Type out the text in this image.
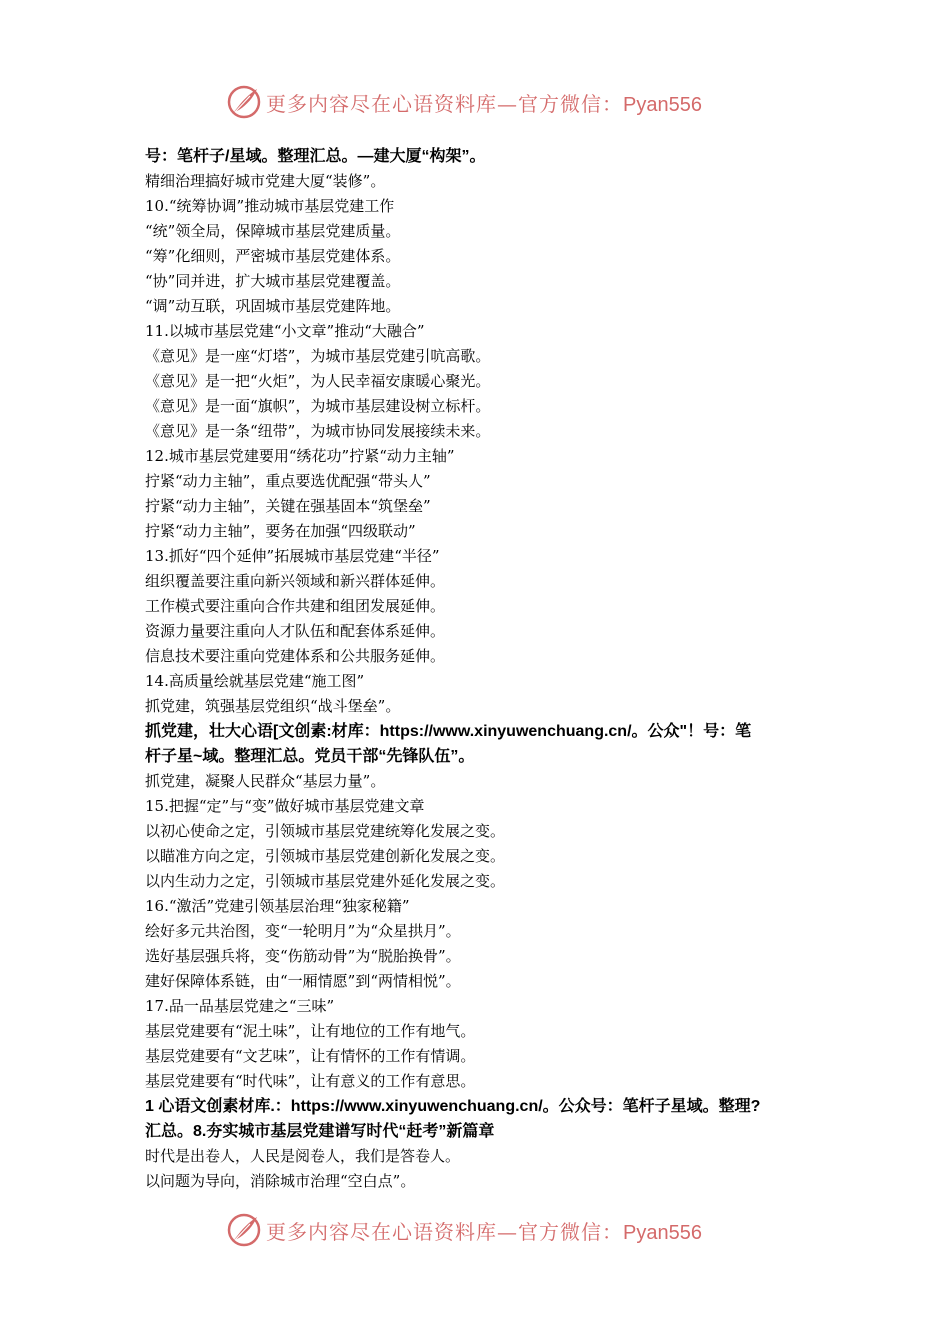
更多内容尽在心语资料库—官方微信：Pyan556
号：笔杆子/星域。整理汇总。—建大厦“构架”。
精细治理搞好城市党建大厦“装修”。
10.“统筹协调”推动城市基层党建工作
“统”领全局，保障城市基层党建质量。
“筹”化细则，严密城市基层党建体系。
“协”同并进，扩大城市基层党建覆盖。
“调”动互联，巩固城市基层党建阵地。
11.以城市基层党建“小文章”推动“大融合”
《意见》是一座“灯塔”，为城市基层党建引吭高歌。
《意见》是一把“火炬”，为人民幸福安康暖心聚光。
《意见》是一面“旗帜”，为城市基层建设树立标杆。
《意见》是一条“纽带”，为城市协同发展接续未来。
12.城市基层党建要用“绣花功”拧紧“动力主轴”
拧紧“动力主轴”，重点要选优配强“带头人”
拧紧“动力主轴”，关键在强基固本“筑堡垒”
拧紧“动力主轴”，要务在加强“四级联动”
13.抓好“四个延伸”拓展城市基层党建“半径”
组织覆盖要注重向新兴领域和新兴群体延伸。
工作模式要注重向合作共建和组团发展延伸。
资源力量要注重向人才队伍和配套体系延伸。
信息技术要注重向党建体系和公共服务延伸。
14.高质量绘就基层党建“施工图”
抓党建，筑强基层党组织“战斗堡垒”。
抓党建，壮大心语[文创素:材库：https://www.xinyuwenchuang.cn/。公众"！号：笔
杆子星~域。整理汇总。党员干部“先锋队伍”。
抓党建，凝聚人民群众“基层力量”。
15.把握“定”与“变”做好城市基层党建文章
以初心使命之定，引领城市基层党建统筹化发展之变。
以瞄准方向之定，引领城市基层党建创新化发展之变。
以内生动力之定，引领城市基层党建外延化发展之变。
16.“激活”党建引领基层治理“独家秘籍”
绘好多元共治图，变“一轮明月”为“众星拱月”。
选好基层强兵将，变“伤筋动骨”为“脱胎换骨”。
建好保障体系链，由“一厢情愿”到“两情相悦”。
17.品一品基层党建之“三味”
基层党建要有“泥土味”，让有地位的工作有地气。
基层党建要有“文艺味”，让有情怀的工作有情调。
基层党建要有“时代味”，让有意义的工作有意思。
1 心语文创素材库.：https://www.xinyuwenchuang.cn/。公众号：笔杆子星域。整理?
汇总。8.夯实城市基层党建谱写时代“赶考”新篇章
时代是出卷人，人民是阅卷人，我们是答卷人。
以问题为导向，消除城市治理“空白点”。
更多内容尽在心语资料库—官方微信：Pyan556
